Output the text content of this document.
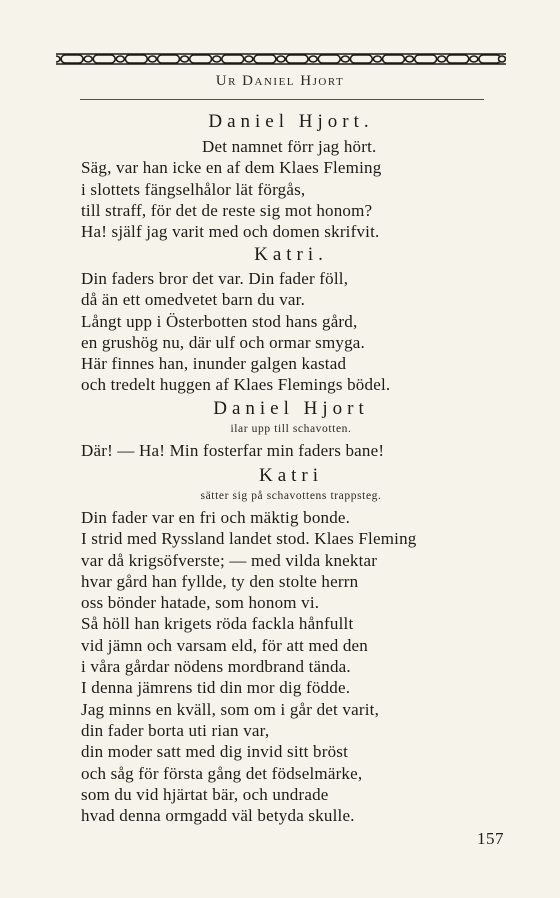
Ur Daniel Hjort
Daniel Hjort.
Det namnet förr jag hört.
Säg, var han icke en af dem Klaes Fleming
i slottets fängselhålor lät förgås,
till straff, för det de reste sig mot honom?
Ha! själf jag varit med och domen skrifvit.
Katri.
Din faders bror det var. Din fader föll,
då än ett omedvetet barn du var.
Långt upp i Österbotten stod hans gård,
en grushög nu, där ulf och ormar smyga.
Här finnes han, inunder galgen kastad
och tredelt huggen af Klaes Flemings bödel.
Daniel Hjort
ilar upp till schavotten.
Där! — Ha! Min fosterfar min faders bane!
Katri
sätter sig på schavottens trappsteg.
Din fader var en fri och mäktig bonde.
I strid med Ryssland landet stod. Klaes Fleming
var då krigsöfverste; — med vilda knektar
hvar gård han fyllde, ty den stolte herrn
oss bönder hatade, som honom vi.
Så höll han krigets röda fackla hånfullt
vid jämn och varsam eld, för att med den
i våra gårdar nödens mordbrand tända.
I denna jämrens tid din mor dig födde.
Jag minns en kväll, som om i går det varit,
din fader borta uti rian var,
din moder satt med dig invid sitt bröst
och såg för första gång det födselmärke,
som du vid hjärtat bär, och undrade
hvad denna ormgadd väl betyda skulle.
157
